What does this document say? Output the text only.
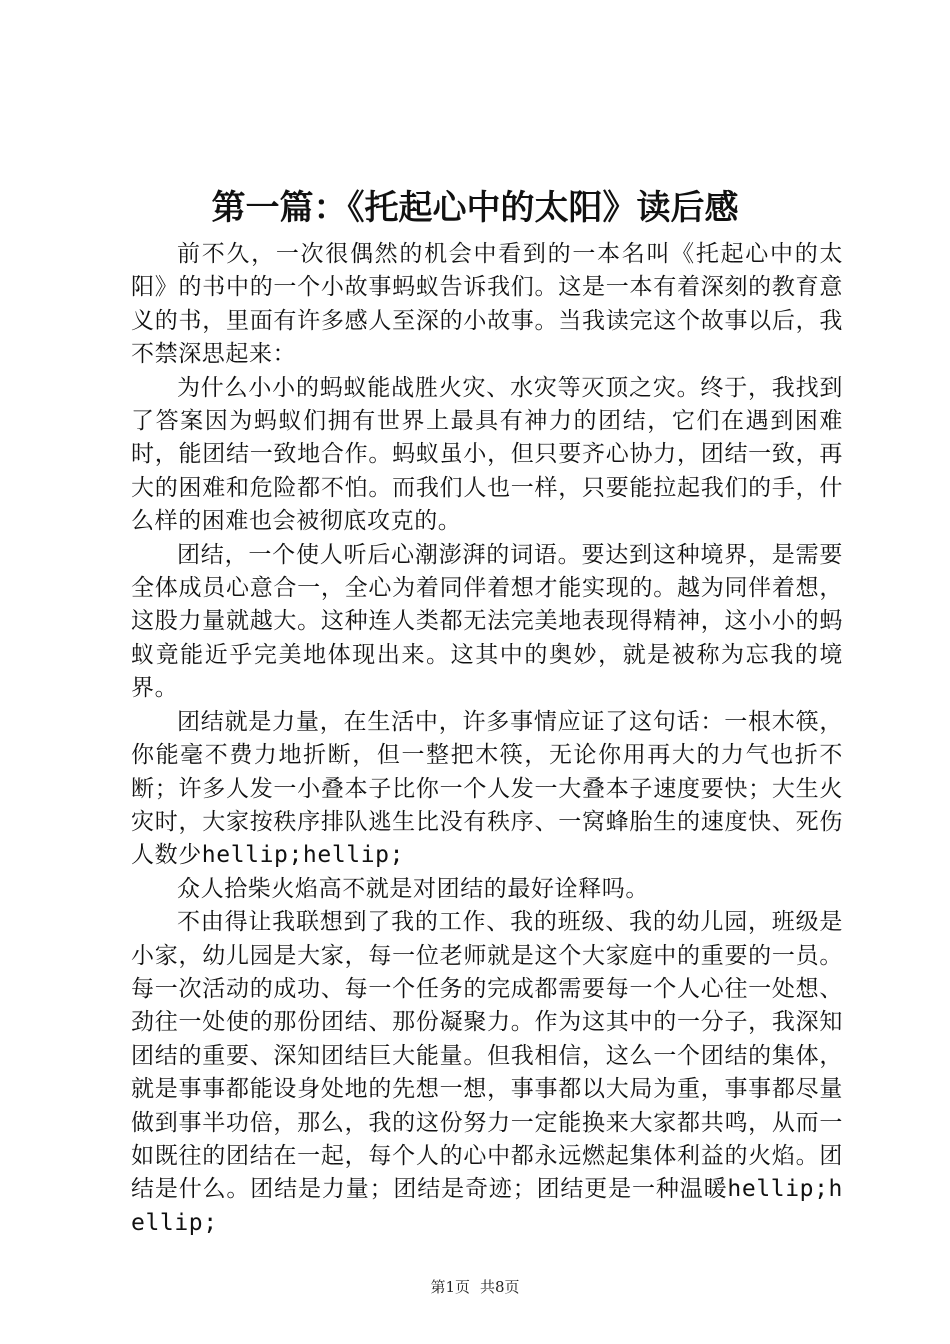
第一篇：《托起心中的太阳》读后感

前不久，一次很偶然的机会中看到的一本名叫《托起心中的太阳》的书中的一个小故事蚂蚁告诉我们。这是一本有着深刻的教育意义的书，里面有许多感人至深的小故事。当我读完这个故事以后，我不禁深思起来：

为什么小小的蚂蚁能战胜火灾、水灾等灭顶之灾。终于，我找到了答案因为蚂蚁们拥有世界上最具有神力的团结，它们在遇到困难时，能团结一致地合作。蚂蚁虽小，但只要齐心协力，团结一致，再大的困难和危险都不怕。而我们人也一样，只要能拉起我们的手，什么样的困难也会被彻底攻克的。

团结，一个使人听后心潮澎湃的词语。要达到这种境界，是需要全体成员心意合一，全心为着同伴着想才能实现的。越为同伴着想，这股力量就越大。这种连人类都无法完美地表现得精神，这小小的蚂蚁竟能近乎完美地体现出来。这其中的奥妙，就是被称为忘我的境界。

团结就是力量，在生活中，许多事情应证了这句话：一根木筷，你能毫不费力地折断，但一整把木筷，无论你用再大的力气也折不断；许多人发一小叠本子比你一个人发一大叠本子速度要快；大生火灾时，大家按秩序排队逃生比没有秩序、一窝蜂胎生的速度快、死伤人数少hellip;hellip;

众人拾柴火焰高不就是对团结的最好诠释吗。

不由得让我联想到了我的工作、我的班级、我的幼儿园，班级是小家，幼儿园是大家，每一位老师就是这个大家庭中的重要的一员。每一次活动的成功、每一个任务的完成都需要每一个人心往一处想、劲往一处使的那份团结、那份凝聚力。作为这其中的一分子，我深知团结的重要、深知团结巨大能量。但我相信，这么一个团结的集体，就是事事都能设身处地的先想一想，事事都以大局为重，事事都尽量做到事半功倍，那么，我的这份努力一定能换来大家都共鸣，从而一如既往的团结在一起，每个人的心中都永远燃起集体利益的火焰。团结是什么。团结是力量；团结是奇迹；团结更是一种温暖hellip;hellip;

第1页 共8页
